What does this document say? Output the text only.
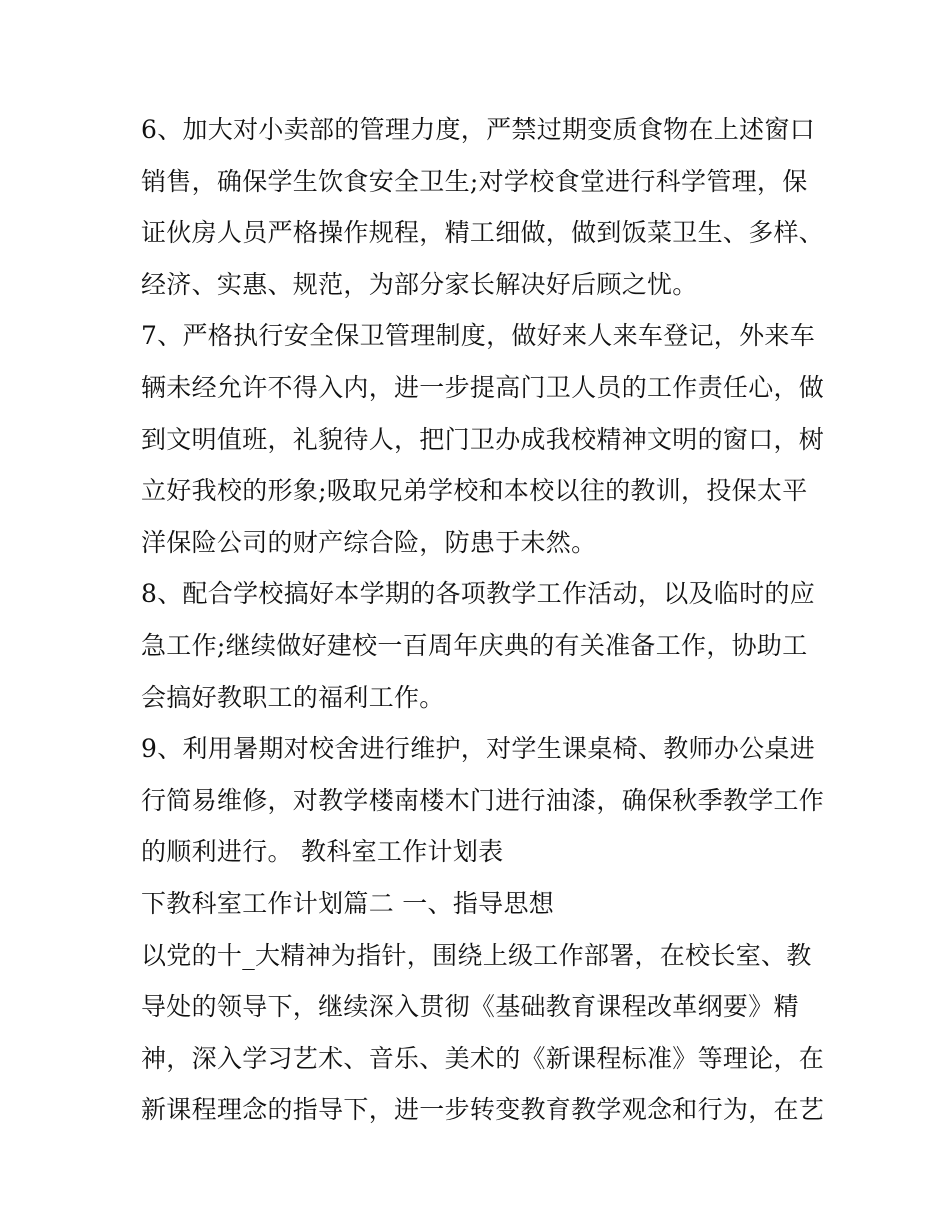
6、加大对小卖部的管理力度，严禁过期变质食物在上述窗口
销售，确保学生饮食安全卫生;对学校食堂进行科学管理，保
证伙房人员严格操作规程，精工细做，做到饭菜卫生、多样、
经济、实惠、规范，为部分家长解决好后顾之忧。
7、严格执行安全保卫管理制度，做好来人来车登记，外来车
辆未经允许不得入内，进一步提高门卫人员的工作责任心，做
到文明值班，礼貌待人，把门卫办成我校精神文明的窗口，树
立好我校的形象;吸取兄弟学校和本校以往的教训，投保太平
洋保险公司的财产综合险，防患于未然。
8、配合学校搞好本学期的各项教学工作活动，以及临时的应
急工作;继续做好建校一百周年庆典的有关准备工作，协助工
会搞好教职工的福利工作。
9、利用暑期对校舍进行维护，对学生课桌椅、教师办公桌进
行简易维修，对教学楼南楼木门进行油漆，确保秋季教学工作
的顺利进行。 教科室工作计划表
下教科室工作计划篇二 一、指导思想
以党的十_大精神为指针，围绕上级工作部署，在校长室、教
导处的领导下，继续深入贯彻《基础教育课程改革纲要》精
神，深入学习艺术、音乐、美术的《新课程标准》等理论，在
新课程理念的指导下，进一步转变教育教学观念和行为，在艺
